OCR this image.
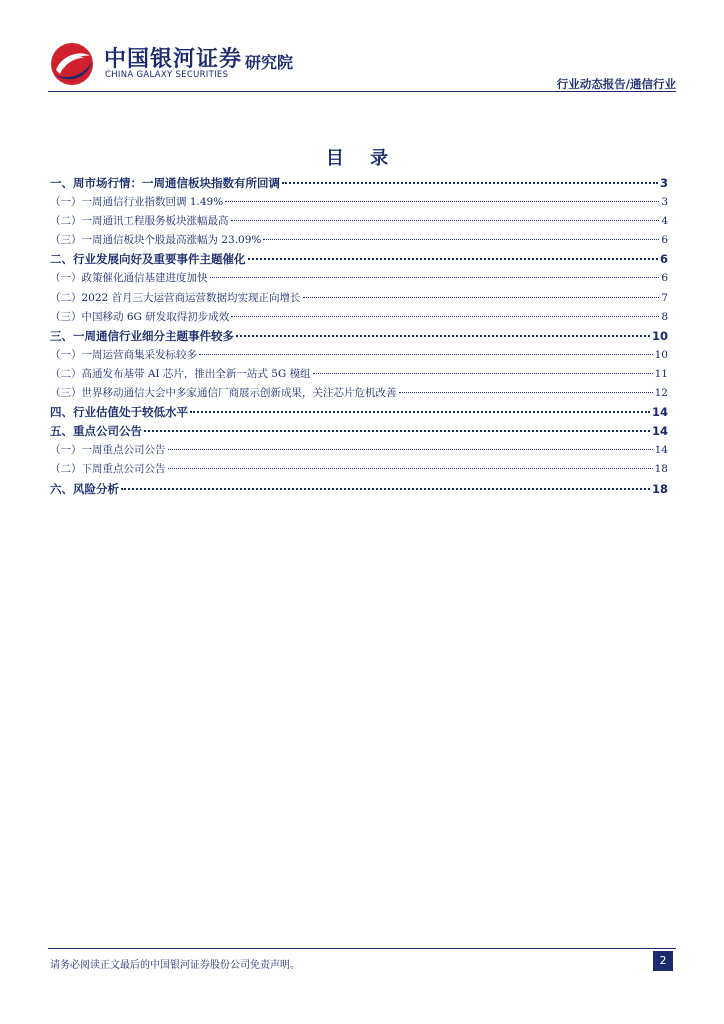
中国银河证券
CHINA GALAXY SECURITIES
研究院
行业动态报告/通信行业
目 录
一、周市场行情：一周通信板块指数有所回调	3
（一）一周通信行业指数回调 1.49%	3
（二）一周通讯工程服务板块涨幅最高	4
（三）一周通信板块个股最高涨幅为 23.09%	6
二、行业发展向好及重要事件主题催化	6
（一）政策催化通信基建进度加快	6
（二）2022 首月三大运营商运营数据均实现正向增长	7
（三）中国移动 6G 研发取得初步成效	8
三、一周通信行业细分主题事件较多	10
（一）一周运营商集采发标较多	10
（二）高通发布基带 AI 芯片，推出全新一站式 5G 模组	11
（三）世界移动通信大会中多家通信厂商展示创新成果，关注芯片危机改善	12
四、行业估值处于较低水平	14
五、重点公司公告	14
（一）一周重点公司公告	14
（二）下周重点公司公告	18
六、风险分析	18
请务必阅读正文最后的中国银河证券股份公司免责声明。	2
